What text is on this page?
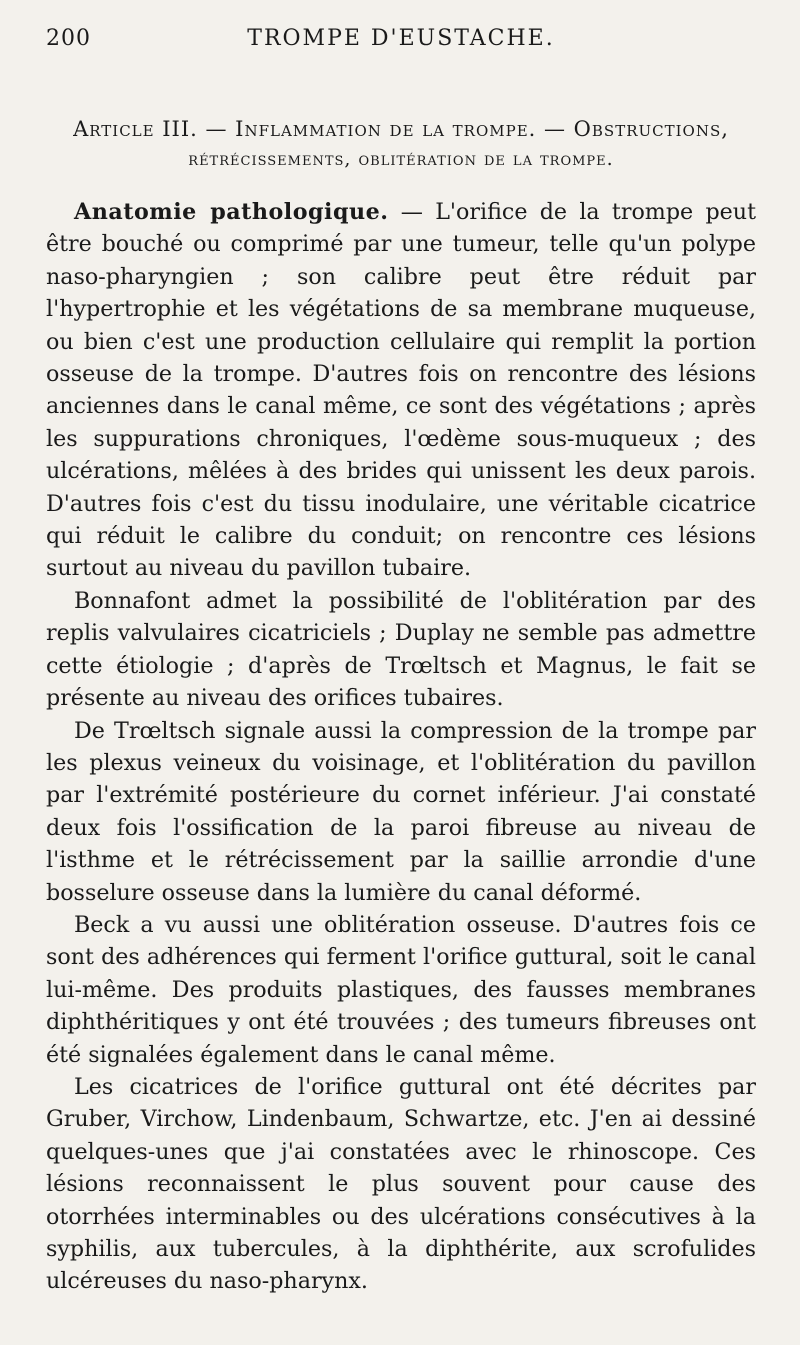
200	TROMPE D'EUSTACHE.
Article III. — Inflammation de la trompe. — Obstructions,
rétrécissements, oblitération de la trompe.

Anatomie pathologique. — L'orifice de la trompe peut être bouché ou comprimé par une tumeur, telle qu'un polype naso-pharyngien ; son calibre peut être réduit par l'hypertrophie et les végétations de sa membrane muqueuse, ou bien c'est une production cellulaire qui remplit la portion osseuse de la trompe. D'autres fois on rencontre des lésions anciennes dans le canal même, ce sont des végétations ; après les suppurations chroniques, l'œdème sous-muqueux ; des ulcérations, mêlées à des brides qui unissent les deux parois. D'autres fois c'est du tissu inodulaire, une véritable cicatrice qui réduit le calibre du conduit; on rencontre ces lésions surtout au niveau du pavillon tubaire.

Bonnafont admet la possibilité de l'oblitération par des replis valvulaires cicatriciels ; Duplay ne semble pas admettre cette étiologie ; d'après de Trœltsch et Magnus, le fait se présente au niveau des orifices tubaires.

De Trœltsch signale aussi la compression de la trompe par les plexus veineux du voisinage, et l'oblitération du pavillon par l'extrémité postérieure du cornet inférieur. J'ai constaté deux fois l'ossification de la paroi fibreuse au niveau de l'isthme et le rétrécissement par la saillie arrondie d'une bosselure osseuse dans la lumière du canal déformé.

Beck a vu aussi une oblitération osseuse. D'autres fois ce sont des adhérences qui ferment l'orifice guttural, soit le canal lui-même. Des produits plastiques, des fausses membranes diphthéritiques y ont été trouvées ; des tumeurs fibreuses ont été signalées également dans le canal même.

Les cicatrices de l'orifice guttural ont été décrites par Gruber, Virchow, Lindenbaum, Schwartze, etc. J'en ai dessiné quelques-unes que j'ai constatées avec le rhinoscope. Ces lésions reconnaissent le plus souvent pour cause des otorrhées interminables ou des ulcérations consécutives à la syphilis, aux tubercules, à la diphthérite, aux scrofulides ulcéreuses du naso-pharynx.
